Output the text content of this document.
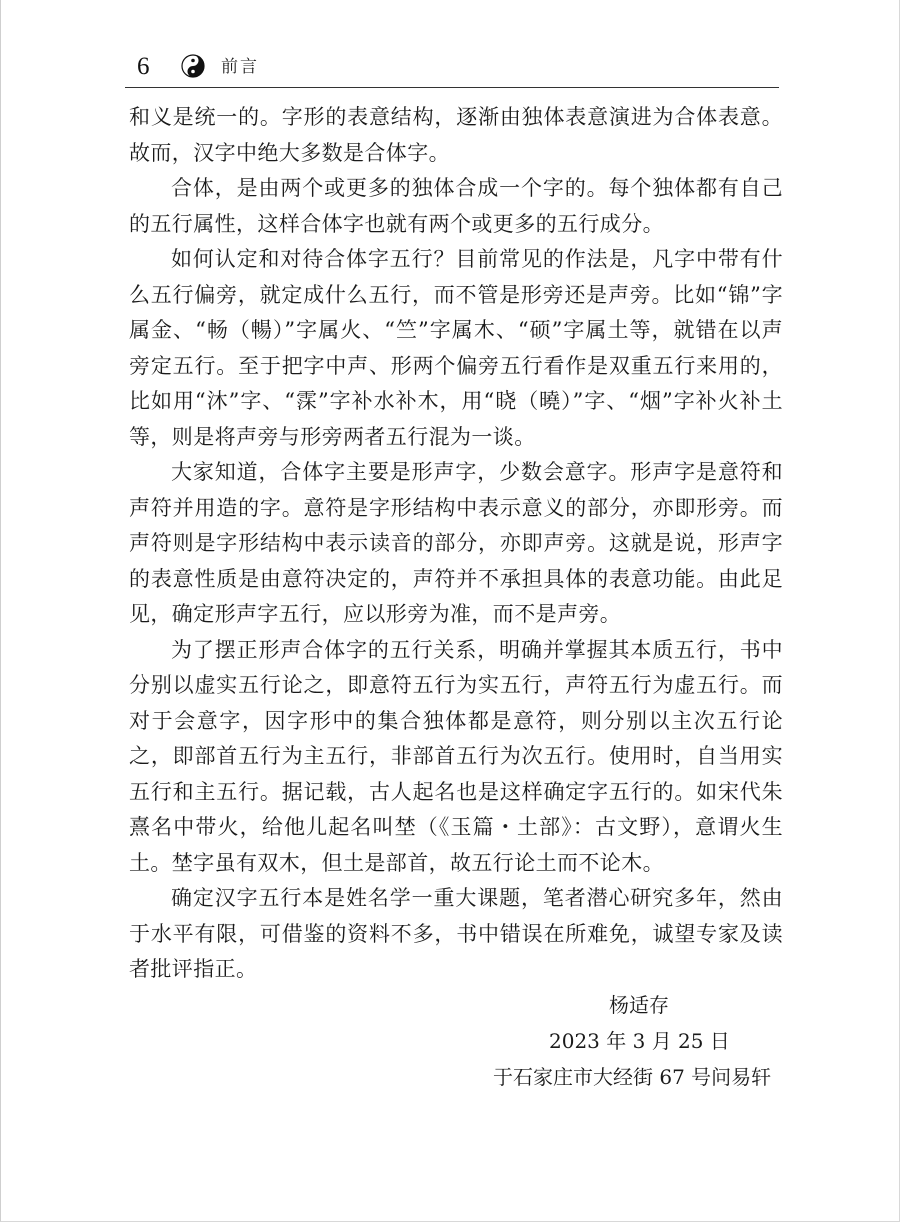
6	前言

和义是统一的。字形的表意结构，逐渐由独体表意演进为合体表意。故而，汉字中绝大多数是合体字。

合体，是由两个或更多的独体合成一个字的。每个独体都有自己的五行属性，这样合体字也就有两个或更多的五行成分。

如何认定和对待合体字五行？目前常见的作法是，凡字中带有什么五行偏旁，就定成什么五行，而不管是形旁还是声旁。比如“锦”字属金、“畅（暢）”字属火、“竺”字属木、“硕”字属土等，就错在以声旁定五行。至于把字中声、形两个偏旁五行看作是双重五行来用的，比如用“沐”字、“霂”字补水补木，用“晓（曉）”字、“烟”字补火补土等，则是将声旁与形旁两者五行混为一谈。

大家知道，合体字主要是形声字，少数会意字。形声字是意符和声符并用造的字。意符是字形结构中表示意义的部分，亦即形旁。而声符则是字形结构中表示读音的部分，亦即声旁。这就是说，形声字的表意性质是由意符决定的，声符并不承担具体的表意功能。由此足见，确定形声字五行，应以形旁为准，而不是声旁。

为了摆正形声合体字的五行关系，明确并掌握其本质五行，书中分别以虚实五行论之，即意符五行为实五行，声符五行为虚五行。而对于会意字，因字形中的集合独体都是意符，则分别以主次五行论之，即部首五行为主五行，非部首五行为次五行。使用时，自当用实五行和主五行。据记载，古人起名也是这样确定字五行的。如宋代朱熹名中带火，给他儿起名叫埜（《玉篇・土部》：古文野），意谓火生土。埜字虽有双木，但土是部首，故五行论土而不论木。

确定汉字五行本是姓名学一重大课题，笔者潜心研究多年，然由于水平有限，可借鉴的资料不多，书中错误在所难免，诚望专家及读者批评指正。

杨适存
2023 年 3 月 25 日
于石家庄市大经街 67 号问易轩
